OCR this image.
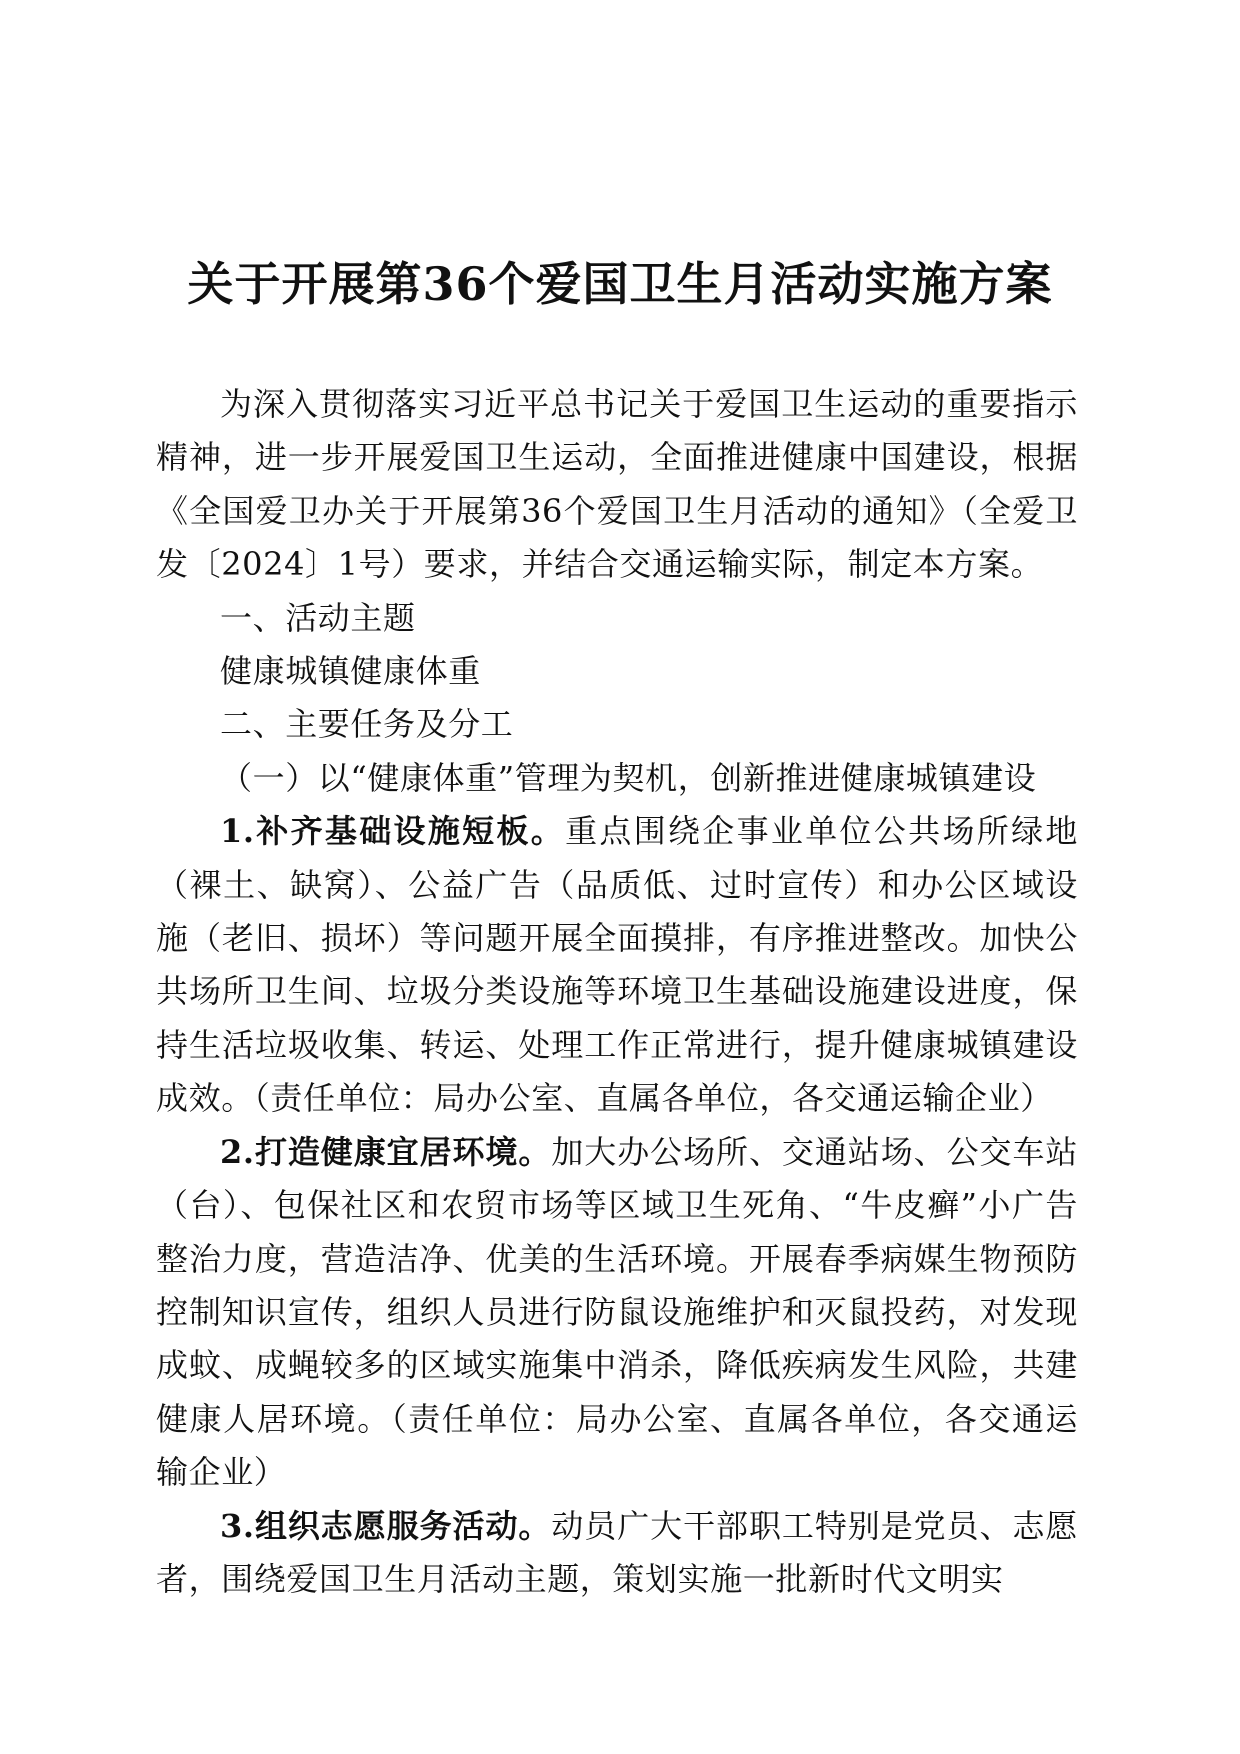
关于开展第36个爱国卫生月活动实施方案

为深入贯彻落实习近平总书记关于爱国卫生运动的重要指示精神，进一步开展爱国卫生运动，全面推进健康中国建设，根据《全国爱卫办关于开展第36个爱国卫生月活动的通知》（全爱卫发〔2024〕1号）要求，并结合交通运输实际，制定本方案。

一、活动主题

健康城镇健康体重

二、主要任务及分工

（一）以“健康体重”管理为契机，创新推进健康城镇建设

1.补齐基础设施短板。重点围绕企事业单位公共场所绿地（裸土、缺窝）、公益广告（品质低、过时宣传）和办公区域设施（老旧、损坏）等问题开展全面摸排，有序推进整改。加快公共场所卫生间、垃圾分类设施等环境卫生基础设施建设进度，保持生活垃圾收集、转运、处理工作正常进行，提升健康城镇建设成效。（责任单位：局办公室、直属各单位，各交通运输企业）

2.打造健康宜居环境。加大办公场所、交通站场、公交车站（台）、包保社区和农贸市场等区域卫生死角、“牛皮癣”小广告整治力度，营造洁净、优美的生活环境。开展春季病媒生物预防控制知识宣传，组织人员进行防鼠设施维护和灭鼠投药，对发现成蚊、成蝇较多的区域实施集中消杀，降低疾病发生风险，共建健康人居环境。（责任单位：局办公室、直属各单位，各交通运输企业）

3.组织志愿服务活动。动员广大干部职工特别是党员、志愿者，围绕爱国卫生月活动主题，策划实施一批新时代文明实
